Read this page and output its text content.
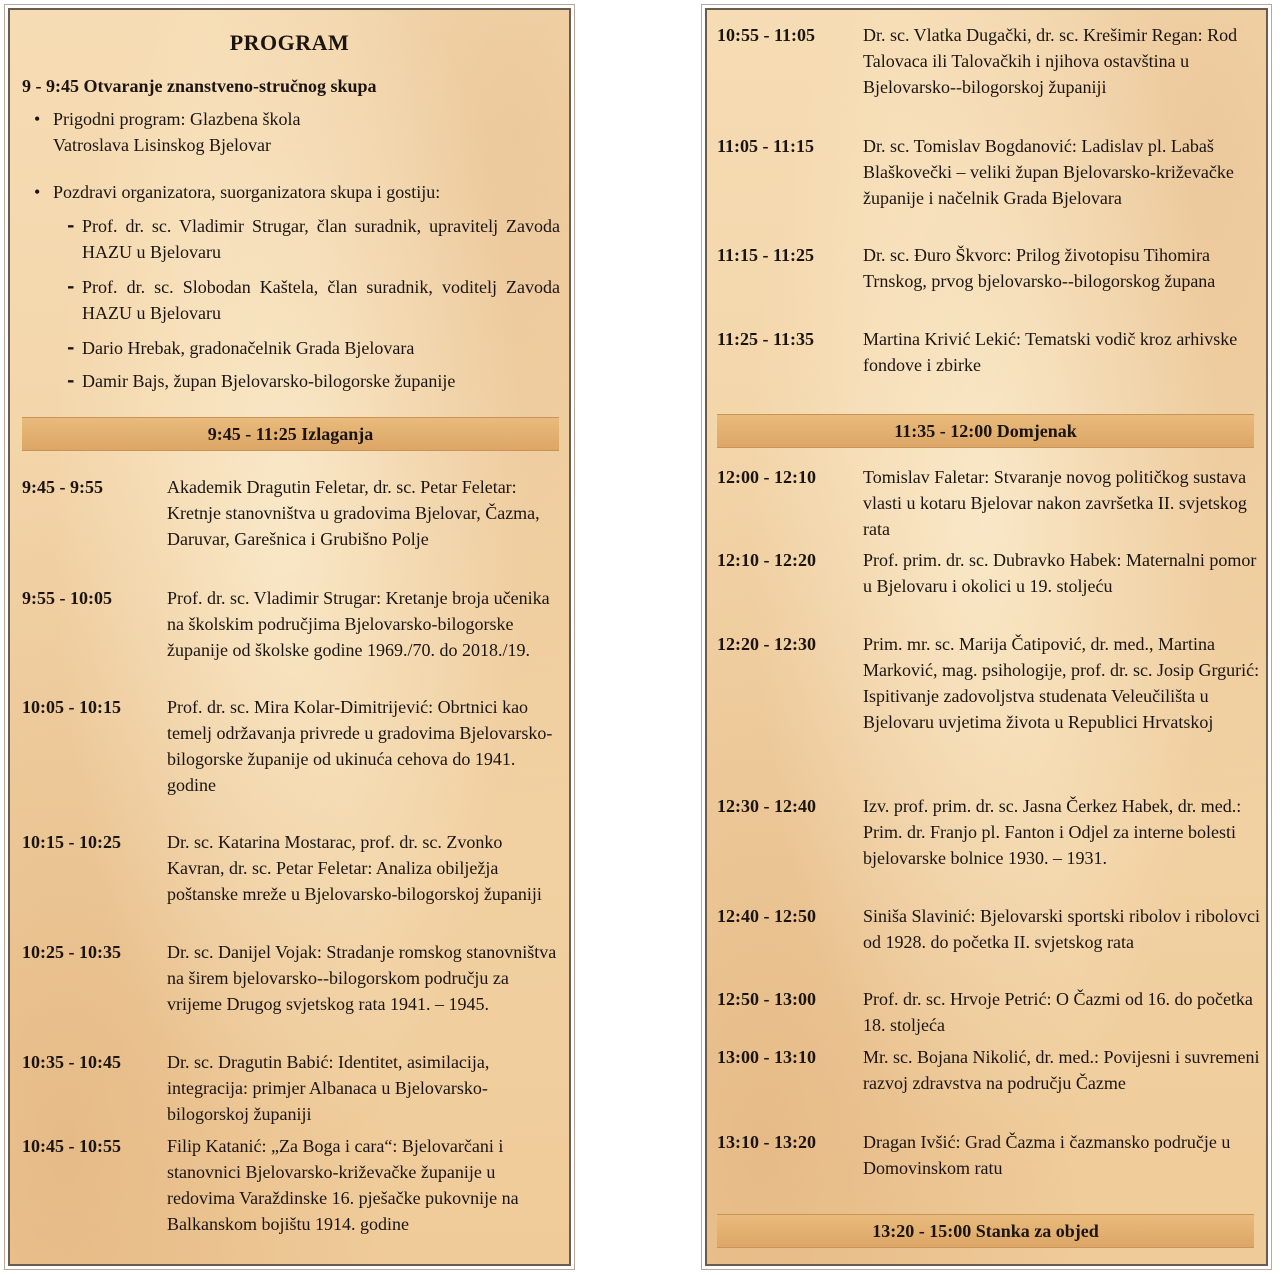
PROGRAM
9 - 9:45 Otvaranje znanstveno-stručnog skupa
• Prigodni program: Glazbena škola Vatroslava Lisinskog Bjelovar
• Pozdravi organizatora, suorganizatora skupa i gostiju:
- Prof. dr. sc. Vladimir Strugar, član suradnik, upravitelj Zavoda HAZU u Bjelovaru
- Prof. dr. sc. Slobodan Kaštela, član suradnik, voditelj Zavoda HAZU u Bjelovaru
- Dario Hrebak, gradonačelnik Grada Bjelovara
- Damir Bajs, župan Bjelovarsko-bilogorske županije
9:45 - 11:25 Izlaganja
9:45 - 9:55	Akademik Dragutin Feletar, dr. sc. Petar Feletar: Kretnje stanovništva u gradovima Bjelovar, Čazma, Daruvar, Garešnica i Grubišno Polje
9:55 - 10:05	Prof. dr. sc. Vladimir Strugar: Kretanje broja učenika na školskim područjima Bjelovarsko-bilogorske županije od školske godine 1969./70. do 2018./19.
10:05 - 10:15	Prof. dr. sc. Mira Kolar-Dimitrijević: Obrtnici kao temelj održavanja privrede u gradovima Bjelovarsko-bilogorske županije od ukinuća cehova do 1941. godine
10:15 - 10:25	Dr. sc. Katarina Mostarac, prof. dr. sc. Zvonko Kavran, dr. sc. Petar Feletar: Analiza obilježja poštanske mreže u Bjelovarsko-bilogorskoj županiji
10:25 - 10:35	Dr. sc. Danijel Vojak: Stradanje romskog stanovništva na širem bjelovarsko--bilogorskom području za vrijeme Drugog svjetskog rata 1941. – 1945.
10:35 - 10:45	Dr. sc. Dragutin Babić: Identitet, asimilacija, integracija: primjer Albanaca u Bjelovarsko-bilogorskoj županiji
10:45 - 10:55	Filip Katanić: „Za Boga i cara“: Bjelovarčani i stanovnici Bjelovarsko-križevačke županije u redovima Varaždinske 16. pješačke pukovnije na Balkanskom bojištu 1914. godine
10:55 - 11:05	Dr. sc. Vlatka Dugački, dr. sc. Krešimir Regan: Rod Talovaca ili Talovačkih i njihova ostavština u Bjelovarsko--bilogorskoj županiji
11:05 - 11:15	Dr. sc. Tomislav Bogdanović: Ladislav pl. Labaš Blaškovečki – veliki župan Bjelovarsko-križevačke županije i načelnik Grada Bjelovara
11:15 - 11:25	Dr. sc. Đuro Škvorc: Prilog životopisu Tihomira Trnskog, prvog bjelovarsko--bilogorskog župana
11:25 - 11:35	Martina Krivić Lekić: Tematski vodič kroz arhivske fondove i zbirke
11:35 - 12:00 Domjenak
12:00 - 12:10	Tomislav Faletar: Stvaranje novog političkog sustava vlasti u kotaru Bjelovar nakon završetka II. svjetskog rata
12:10 - 12:20	Prof. prim. dr. sc. Dubravko Habek: Maternalni pomor u Bjelovaru i okolici u 19. stoljeću
12:20 - 12:30	Prim. mr. sc. Marija Čatipović, dr. med., Martina Marković, mag. psihologije, prof. dr. sc. Josip Grgurić: Ispitivanje zadovoljstva studenata Veleučilišta u Bjelovaru uvjetima života u Republici Hrvatskoj
12:30 - 12:40	Izv. prof. prim. dr. sc. Jasna Čerkez Habek, dr. med.: Prim. dr. Franjo pl. Fanton i Odjel za interne bolesti bjelovarske bolnice 1930. – 1931.
12:40 - 12:50	Siniša Slavinić: Bjelovarski sportski ribolov i ribolovci od 1928. do početka II. svjetskog rata
12:50 - 13:00	Prof. dr. sc. Hrvoje Petrić: O Čazmi od 16. do početka 18. stoljeća
13:00 - 13:10	Mr. sc. Bojana Nikolić, dr. med.: Povijesni i suvremeni razvoj zdravstva na području Čazme
13:10 - 13:20	Dragan Ivšić: Grad Čazma i čazmansko područje u Domovinskom ratu
13:20 - 15:00 Stanka za objed
